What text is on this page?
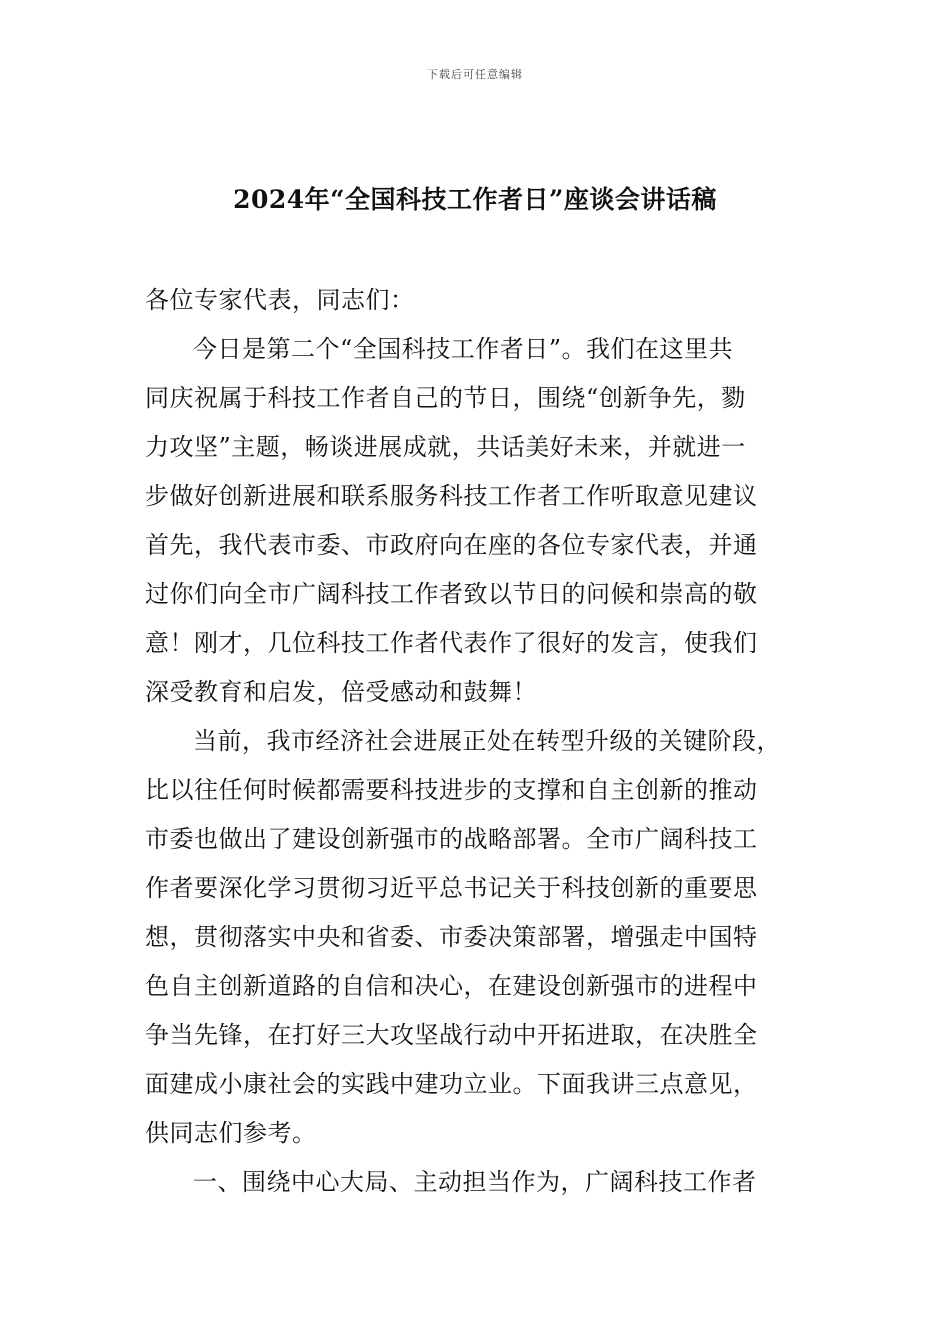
下载后可任意编辑
2024年“全国科技工作者日”座谈会讲话稿
各位专家代表，同志们：
今日是第二个“全国科技工作者日”。我们在这里共
同庆祝属于科技工作者自己的节日，围绕“创新争先，勠
力攻坚”主题，畅谈进展成就，共话美好未来，并就进一
步做好创新进展和联系服务科技工作者工作听取意见建议
首先，我代表市委、市政府向在座的各位专家代表，并通
过你们向全市广阔科技工作者致以节日的问候和崇高的敬
意！刚才，几位科技工作者代表作了很好的发言，使我们
深受教育和启发，倍受感动和鼓舞！
当前，我市经济社会进展正处在转型升级的关键阶段，
比以往任何时候都需要科技进步的支撑和自主创新的推动
市委也做出了建设创新强市的战略部署。全市广阔科技工
作者要深化学习贯彻习近平总书记关于科技创新的重要思
想，贯彻落实中央和省委、市委决策部署，增强走中国特
色自主创新道路的自信和决心，在建设创新强市的进程中
争当先锋，在打好三大攻坚战行动中开拓进取，在决胜全
面建成小康社会的实践中建功立业。下面我讲三点意见，
供同志们参考。
一、围绕中心大局、主动担当作为，广阔科技工作者
